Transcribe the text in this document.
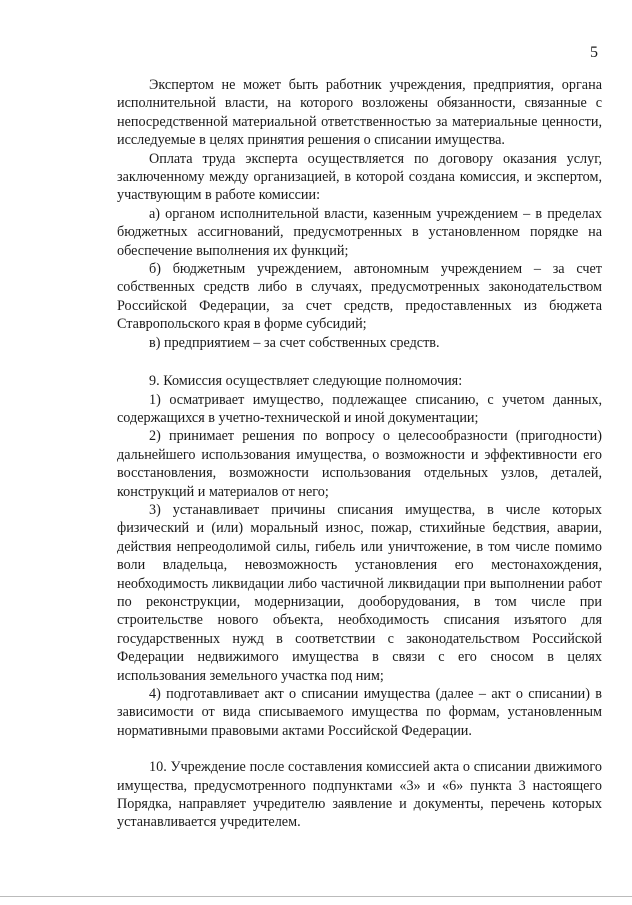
5

Экспертом не может быть работник учреждения, предприятия, органа исполнительной власти, на которого возложены обязанности, связанные с непосредственной материальной ответственностью за материальные ценности, исследуемые в целях принятия решения о списании имущества.

Оплата труда эксперта осуществляется по договору оказания услуг, заключенному между организацией, в которой создана комиссия, и экспертом, участвующим в работе комиссии:

а) органом исполнительной власти, казенным учреждением – в пределах бюджетных ассигнований, предусмотренных в установленном порядке на обеспечение выполнения их функций;

б) бюджетным учреждением, автономным учреждением – за счет собственных средств либо в случаях, предусмотренных законодательством Российской Федерации, за счет средств, предоставленных из бюджета Ставропольского края в форме субсидий;

в) предприятием – за счет собственных средств.

9. Комиссия осуществляет следующие полномочия:

1) осматривает имущество, подлежащее списанию, с учетом данных, содержащихся в учетно-технической и иной документации;

2) принимает решения по вопросу о целесообразности (пригодности) дальнейшего использования имущества, о возможности и эффективности его восстановления, возможности использования отдельных узлов, деталей, конструкций и материалов от него;

3) устанавливает причины списания имущества, в числе которых физический и (или) моральный износ, пожар, стихийные бедствия, аварии, действия непреодолимой силы, гибель или уничтожение, в том числе помимо воли владельца, невозможность установления его местонахождения, необходимость ликвидации либо частичной ликвидации при выполнении работ по реконструкции, модернизации, дооборудования, в том числе при строительстве нового объекта, необходимость списания изъятого для государственных нужд в соответствии с законодательством Российской Федерации недвижимого имущества в связи с его сносом в целях использования земельного участка под ним;

4) подготавливает акт о списании имущества (далее – акт о списании) в зависимости от вида списываемого имущества по формам, установленным нормативными правовыми актами Российской Федерации.

10. Учреждение после составления комиссией акта о списании движимого имущества, предусмотренного подпунктами «3» и «6» пункта 3 настоящего Порядка, направляет учредителю заявление и документы, перечень которых устанавливается учредителем.
